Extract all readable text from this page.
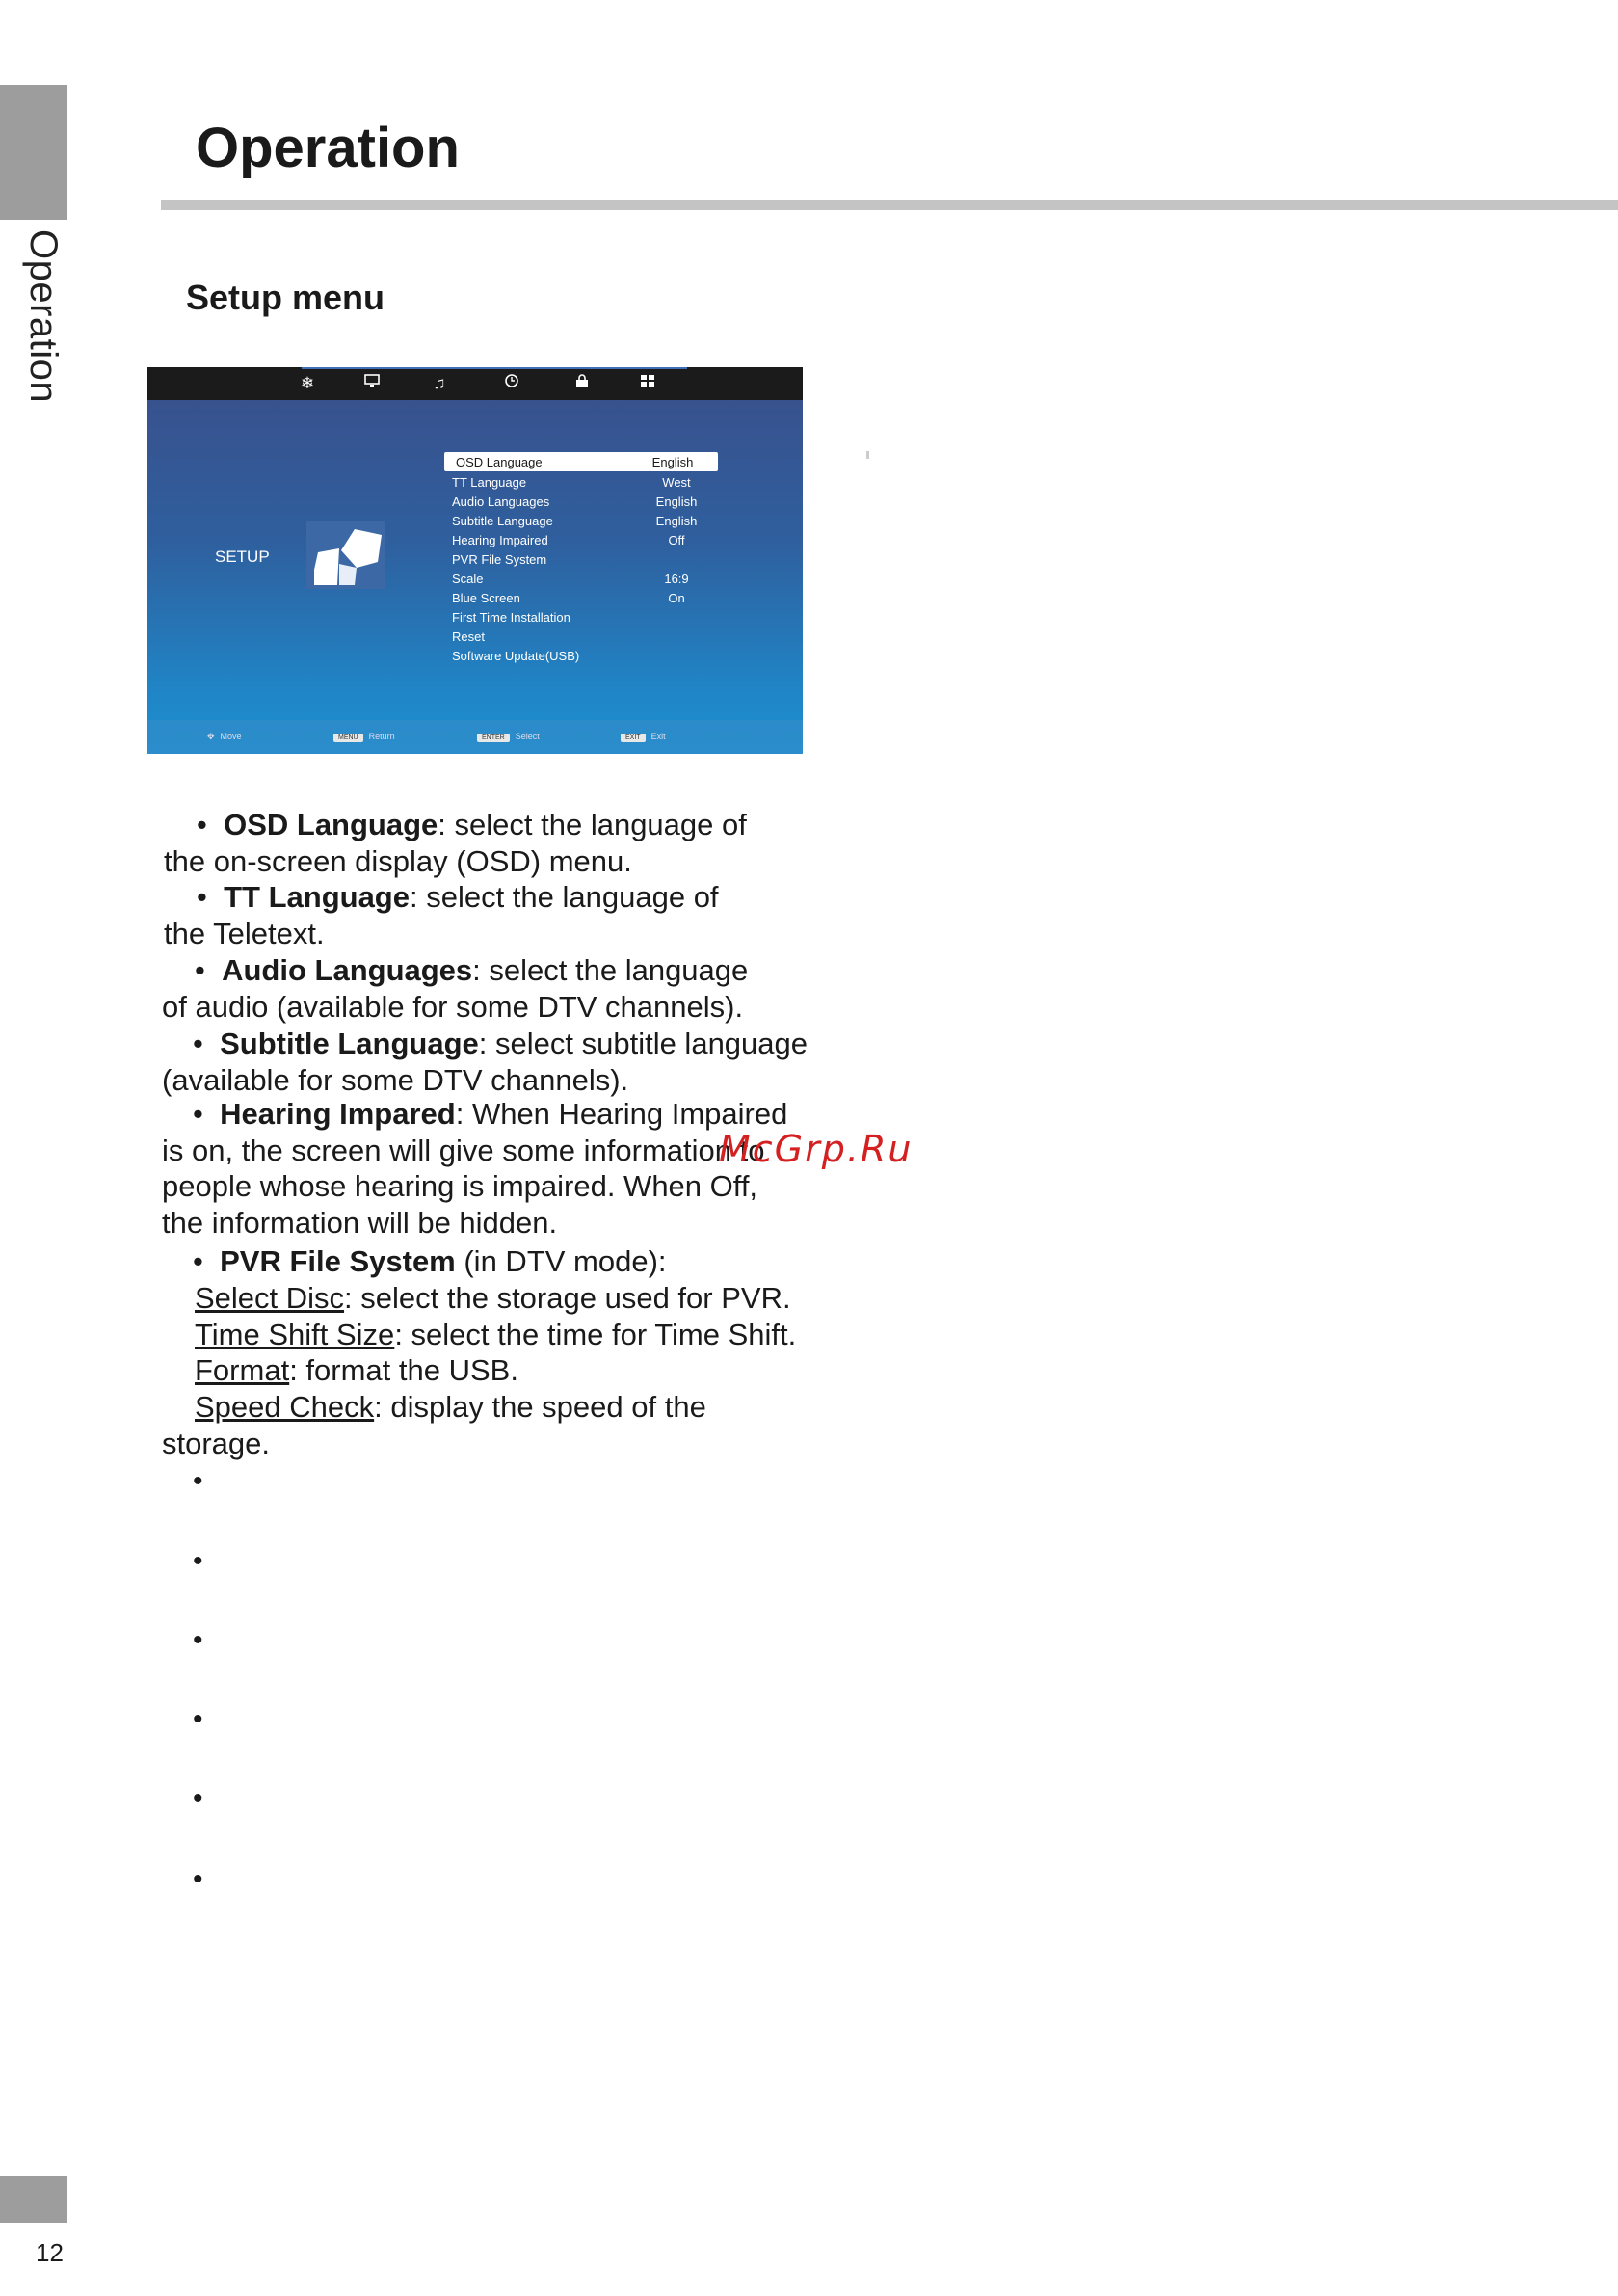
Operation
Operation
Setup menu
❄	♫
SETUP
OSD Language	English
TT Language	West
Audio Languages	English
Subtitle Language	English
Hearing Impaired	Off
PVR File System
Scale	16:9
Blue Screen	On
First Time Installation
Reset
Software Update(USB)
✥ Move	MENU Return	ENTER Select	EXIT Exit
•  OSD Language: select the language of
the on-screen display (OSD) menu.
•  TT Language: select the language of
the Teletext.
•  Audio Languages: select the language
of audio (available for some DTV channels).
•  Subtitle Language: select subtitle language
(available for some DTV channels).
•  Hearing Impared: When Hearing Impaired
is on, the screen will give some information to
people whose hearing is impaired. When Off,
the information will be hidden.
•  PVR File System (in DTV mode):
Select Disc: select the storage used for PVR.
Time Shift Size: select the time for Time Shift.
Format: format the USB.
Speed Check: display the speed of the
storage.
•
•
•
•
•
•
McGrp.Ru
12
